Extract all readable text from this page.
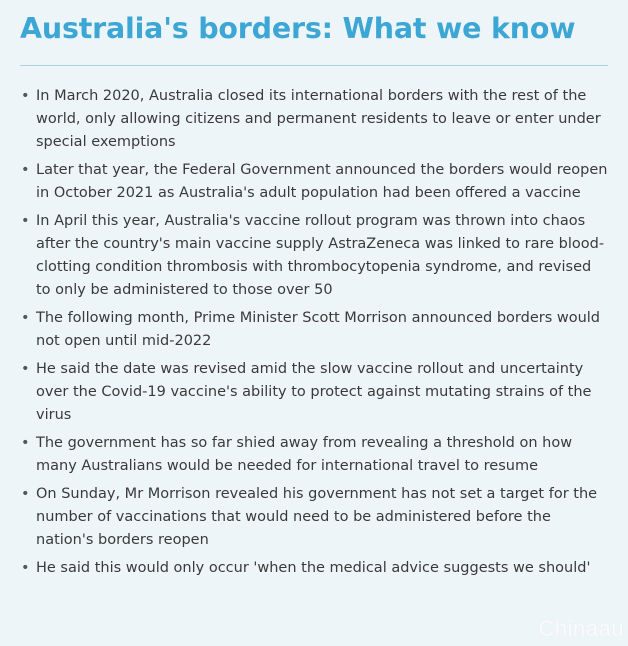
Australia's borders: What we know
• In March 2020, Australia closed its international borders with the rest of the world, only allowing citizens and permanent residents to leave or enter under special exemptions
• Later that year, the Federal Government announced the borders would reopen in October 2021 as Australia's adult population had been offered a vaccine
• In April this year, Australia's vaccine rollout program was thrown into chaos after the country's main vaccine supply AstraZeneca was linked to rare blood-clotting condition thrombosis with thrombocytopenia syndrome, and revised to only be administered to those over 50
• The following month, Prime Minister Scott Morrison announced borders would not open until mid-2022
• He said the date was revised amid the slow vaccine rollout and uncertainty over the Covid-19 vaccine's ability to protect against mutating strains of the virus
• The government has so far shied away from revealing a threshold on how many Australians would be needed for international travel to resume
• On Sunday, Mr Morrison revealed his government has not set a target for the number of vaccinations that would need to be administered before the nation's borders reopen
• He said this would only occur 'when the medical advice suggests we should'
Chinaau
